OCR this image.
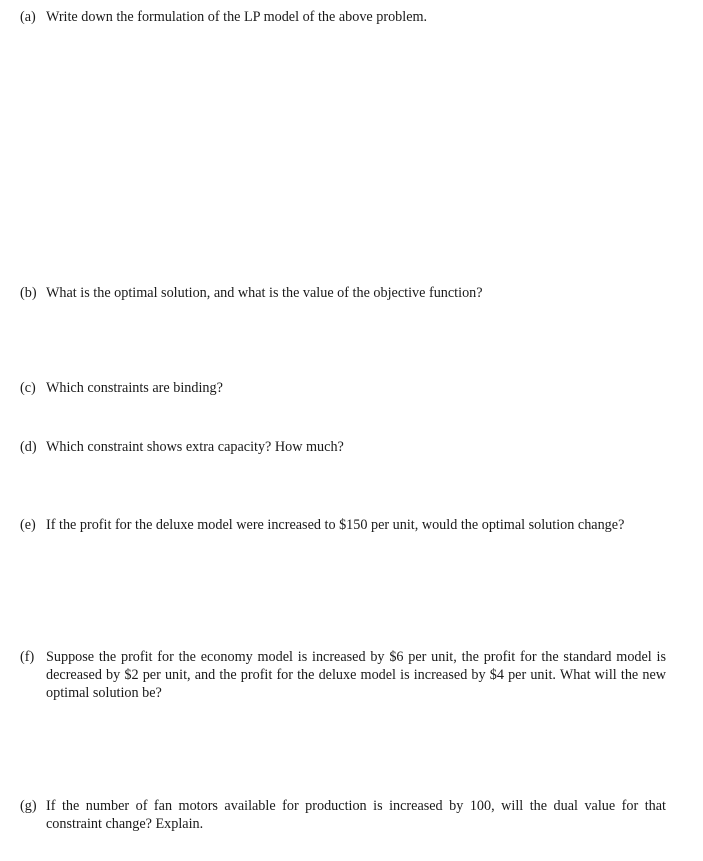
(a) Write down the formulation of the LP model of the above problem.
(b) What is the optimal solution, and what is the value of the objective function?
(c) Which constraints are binding?
(d) Which constraint shows extra capacity? How much?
(e) If the profit for the deluxe model were increased to $150 per unit, would the optimal solution change?
(f) Suppose the profit for the economy model is increased by $6 per unit, the profit for the standard model is decreased by $2 per unit, and the profit for the deluxe model is increased by $4 per unit. What will the new optimal solution be?
(g) If the number of fan motors available for production is increased by 100, will the dual value for that constraint change? Explain.
